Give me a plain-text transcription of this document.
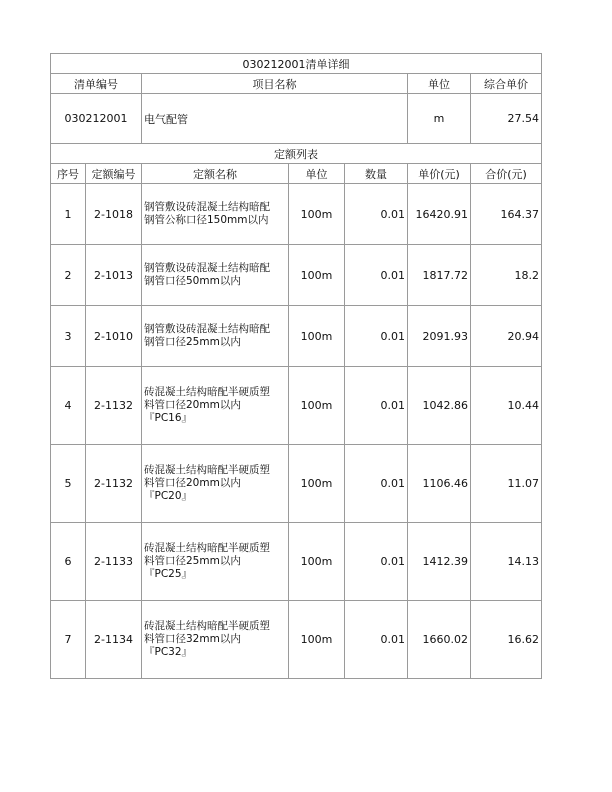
030212001清单详细						
清单编号		项目名称			单位	综合单价
030212001		电气配管			m	27.54
定额列表						
序号	定额编号	定额名称	单位	数量	单价(元)	合价(元)
1	2-1018	钢管敷设砖混凝土结构暗配
钢管公称口径150mm以内	100m	0.01	16420.91	164.37
2	2-1013	钢管敷设砖混凝土结构暗配
钢管口径50mm以内	100m	0.01	1817.72	18.2
3	2-1010	钢管敷设砖混凝土结构暗配
钢管口径25mm以内	100m	0.01	2091.93	20.94
4	2-1132	砖混凝土结构暗配半硬质塑
料管口径20mm以内
『PC16』	100m	0.01	1042.86	10.44
5	2-1132	砖混凝土结构暗配半硬质塑
料管口径20mm以内
『PC20』	100m	0.01	1106.46	11.07
6	2-1133	砖混凝土结构暗配半硬质塑
料管口径25mm以内
『PC25』	100m	0.01	1412.39	14.13
7	2-1134	砖混凝土结构暗配半硬质塑
料管口径32mm以内
『PC32』	100m	0.01	1660.02	16.62
